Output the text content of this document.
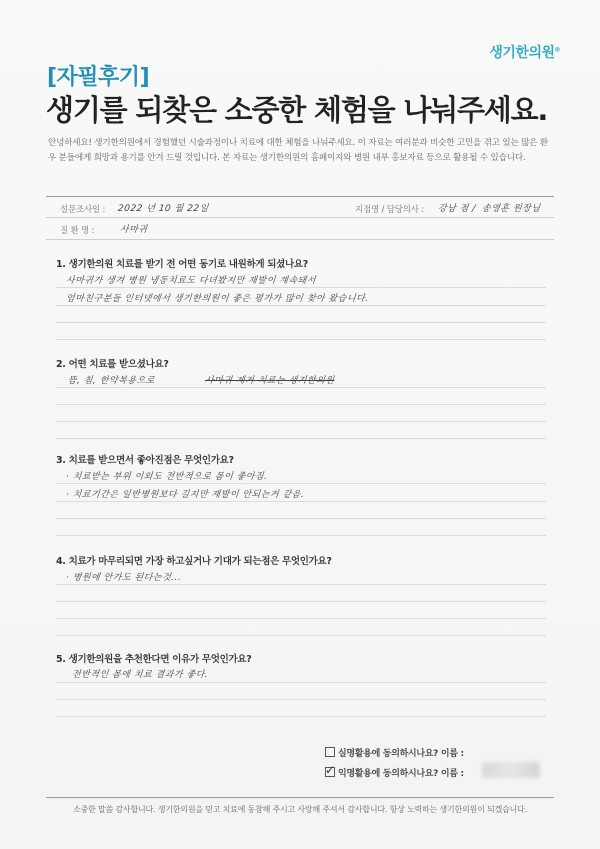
생기한의원®
[자필후기]
생기를 되찾은 소중한 체험을 나눠주세요.
안녕하세요! 생기한의원에서 경험했던 시술과정이나 치료에 대한 체험을 나눠주세요. 이 자료는 여러분과 비슷한 고민을 겪고 있는 많은 환우 분들에게 희망과 용기를 안겨 드릴 것입니다. 본 자료는 생기한의원의 홈페이지와 병원 내부 홍보자료 등으로 활용될 수 있습니다.
설문조사일 : 2022 년 10 월 22일	지점명 / 담당의사 : 강남 점 / 송영훈 원장님
질 환 명 :	사마귀
1. 생기한의원 치료를 받기 전 어떤 동기로 내원하게 되셨나요?
사마귀가 생겨 병원 냉동치료도 다녀봤지만 재발이 계속돼서
엄마친구분들 인터넷에서 생기한의원이 좋은 평가가 많이 찾아 왔습니다.
2. 어떤 치료를 받으셨나요?
뜸, 침, 한약복용으로	사마귀 제거 치료는 생기한의원
3. 치료를 받으면서 좋아진점은 무엇인가요?
· 치료받는 부위 이외도 전반적으로 몸이 좋아짐.
· 치료기간은 일반병원보다 길지만 재발이 안되는거 같음.
4. 치료가 마무리되면 가장 하고싶거나 기대가 되는점은 무엇인가요?
· 병원에 안가도 된다는것...
5. 생기한의원을 추천한다면 이유가 무엇인가요?
전반적인 몸에 치료 결과가 좋다.
실명활용에 동의하시나요? 이름 :
✓ 익명활용에 동의하시나요? 이름 :
소중한 말씀 감사합니다. 생기한의원을 믿고 치료에 동참해 주시고 사랑해 주셔서 감사합니다. 항상 노력하는 생기한의원이 되겠습니다.
